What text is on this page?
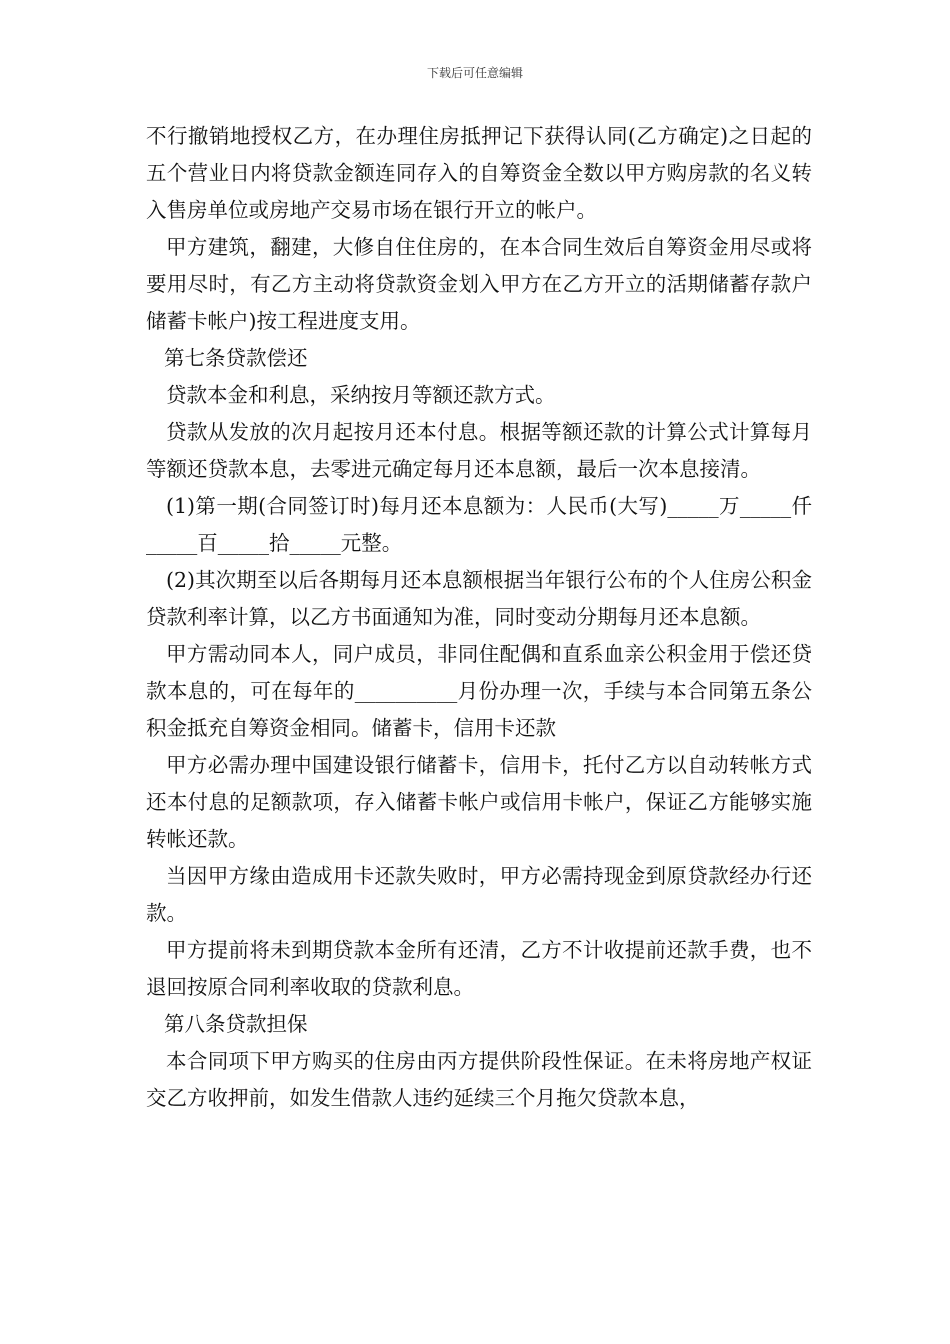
下载后可任意编辑

不行撤销地授权乙方，在办理住房抵押记下获得认同(乙方确定)之日起的五个营业日内将贷款金额连同存入的自筹资金全数以甲方购房款的名义转入售房单位或房地产交易市场在银行开立的帐户。

甲方建筑，翻建，大修自住住房的，在本合同生效后自筹资金用尽或将要用尽时，有乙方主动将贷款资金划入甲方在乙方开立的活期储蓄存款户储蓄卡帐户)按工程进度支用。

第七条贷款偿还

贷款本金和利息，采纳按月等额还款方式。

贷款从发放的次月起按月还本付息。根据等额还款的计算公式计算每月等额还贷款本息，去零进元确定每月还本息额，最后一次本息接清。

(1)第一期(合同签订时)每月还本息额为：人民币(大写)_____万_____仟_____百_____拾_____元整。

(2)其次期至以后各期每月还本息额根据当年银行公布的个人住房公积金贷款利率计算，以乙方书面通知为准，同时变动分期每月还本息额。

甲方需动同本人，同户成员，非同住配偶和直系血亲公积金用于偿还贷款本息的，可在每年的__________月份办理一次，手续与本合同第五条公积金抵充自筹资金相同。储蓄卡，信用卡还款

甲方必需办理中国建设银行储蓄卡，信用卡，托付乙方以自动转帐方式还本付息的足额款项，存入储蓄卡帐户或信用卡帐户，保证乙方能够实施转帐还款。

当因甲方缘由造成用卡还款失败时，甲方必需持现金到原贷款经办行还款。

甲方提前将未到期贷款本金所有还清，乙方不计收提前还款手费，也不退回按原合同利率收取的贷款利息。

第八条贷款担保

本合同项下甲方购买的住房由丙方提供阶段性保证。在未将房地产权证交乙方收押前，如发生借款人违约延续三个月拖欠贷款本息，
